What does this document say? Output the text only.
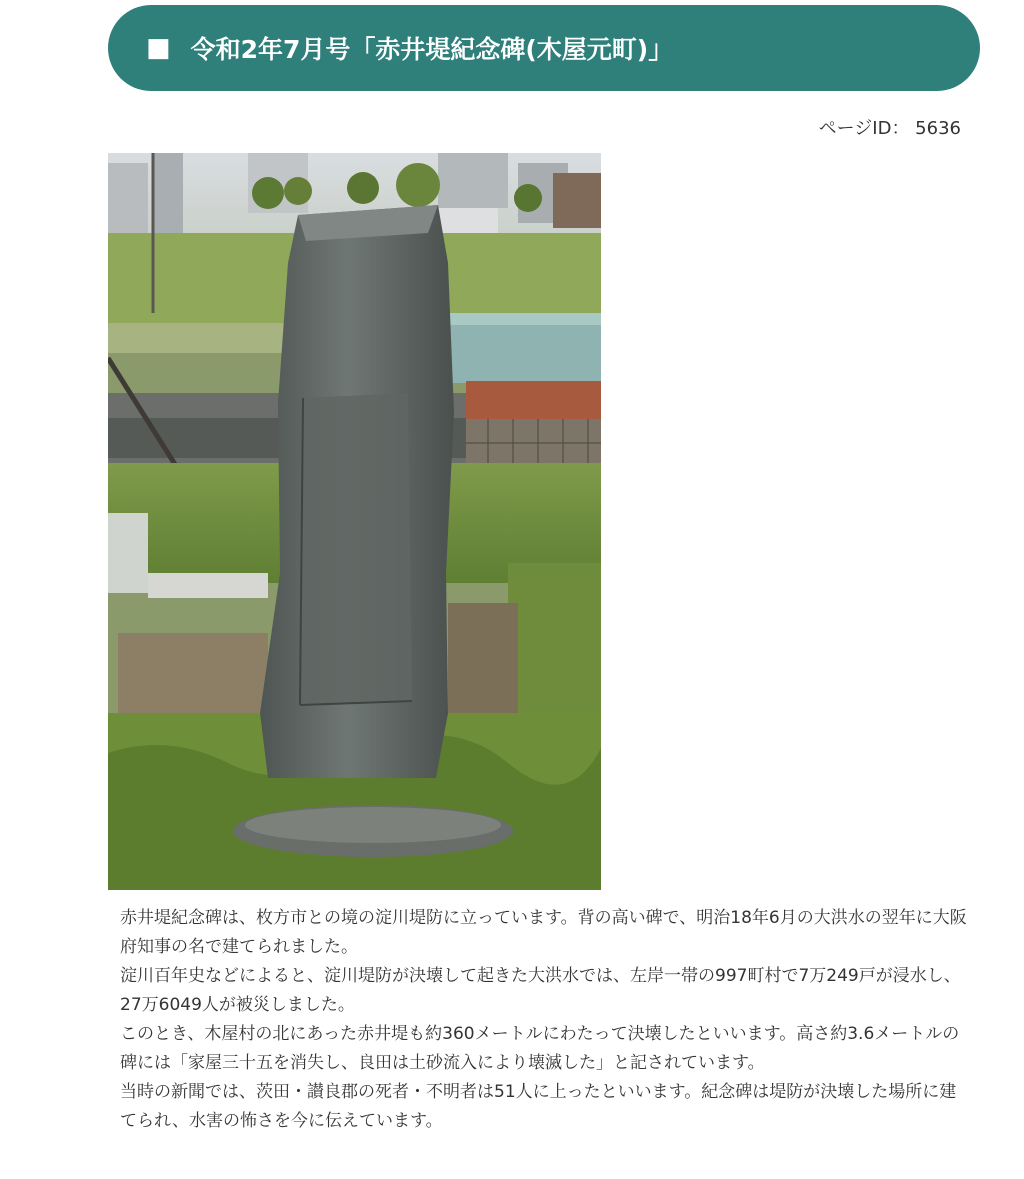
■ 令和2年7月号「赤井堤紀念碑(木屋元町)」
ページID： 5636

赤井堤紀念碑は、枚方市との境の淀川堤防に立っています。背の高い碑で、明治18年6月の大洪水の翌年に大阪府知事の名で建てられました。

淀川百年史などによると、淀川堤防が決壊して起きた大洪水では、左岸一帯の997町村で7万249戸が浸水し、27万6049人が被災しました。

このとき、木屋村の北にあった赤井堤も約360メートルにわたって決壊したといいます。高さ約3.6メートルの碑には「家屋三十五を消失し、良田は土砂流入により壊滅した」と記されています。

当時の新聞では、茨田・讃良郡の死者・不明者は51人に上ったといいます。紀念碑は堤防が決壊した場所に建てられ、水害の怖さを今に伝えています。
